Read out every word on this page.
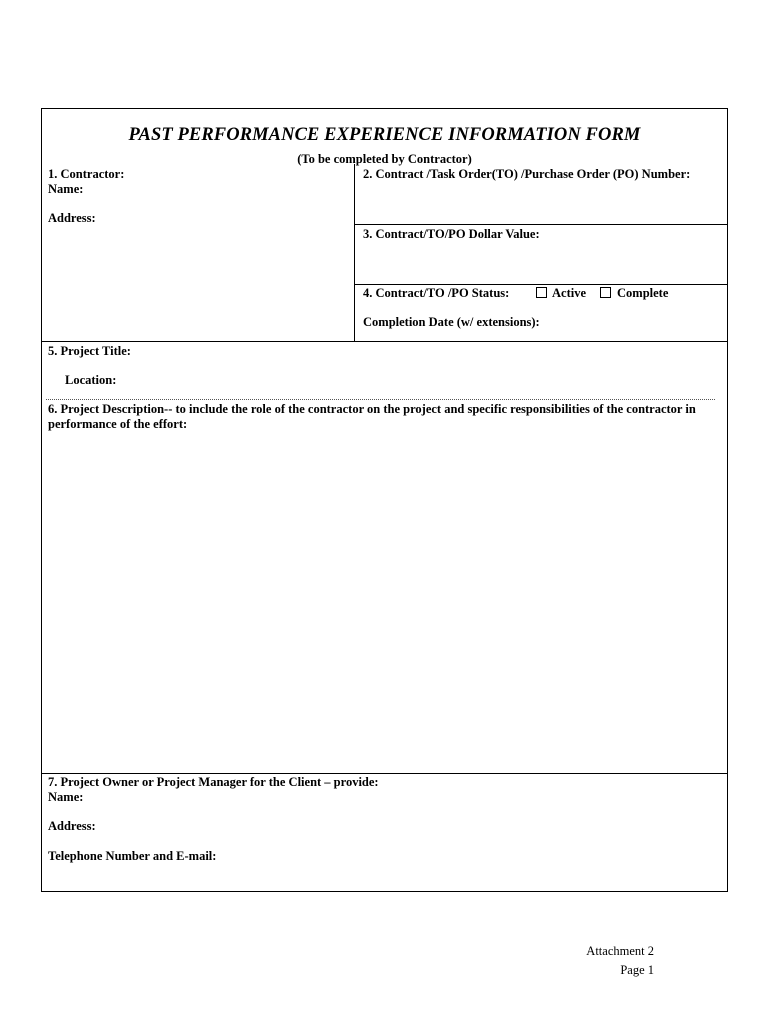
PAST PERFORMANCE EXPERIENCE INFORMATION FORM
(To be completed by Contractor)
1. Contractor:
Name:
Address:
2. Contract /Task Order(TO) /Purchase Order (PO) Number:
3. Contract/TO/PO Dollar Value:
4. Contract/TO /PO Status:	Active Complete
Completion Date (w/ extensions):
5. Project Title:
Location:
6. Project Description-- to include the role of the contractor on the project and specific responsibilities of the contractor in performance of the effort:
7. Project Owner or Project Manager for the Client – provide:
Name:
Address:
Telephone Number and E-mail:
Attachment 2
Page 1
